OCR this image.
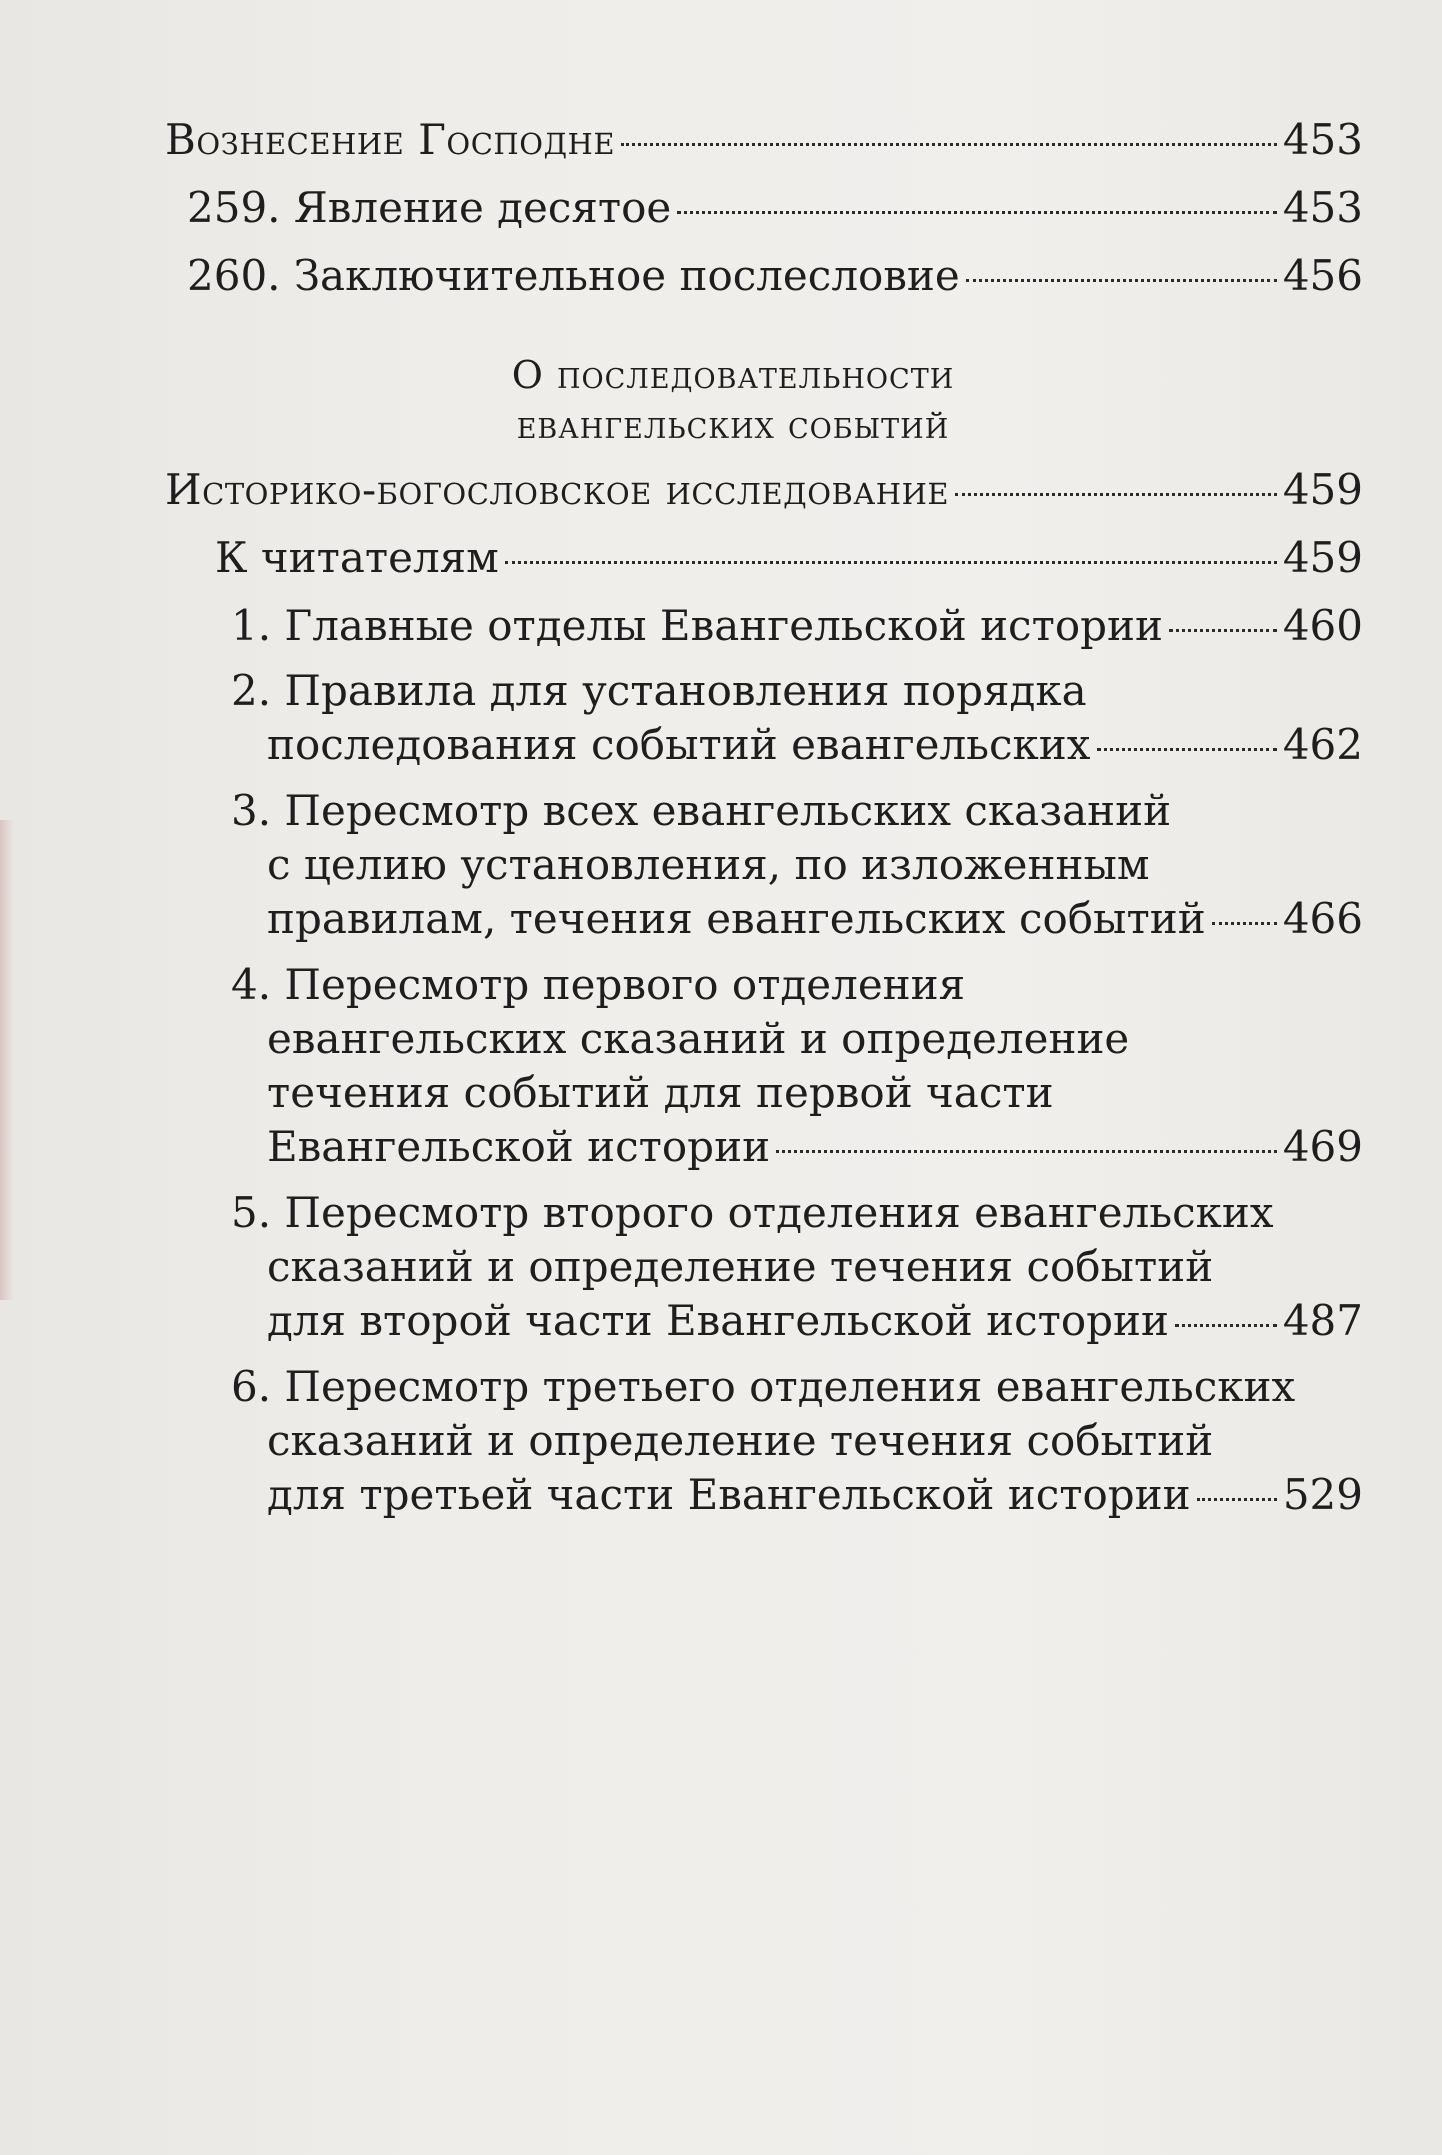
Вознесение Господне	453
259. Явление десятое	453
260. Заключительное послесловие	456
О последовательности
евангельских событий
Историко-богословское исследование	459
К читателям	459
1. Главные отделы Евангельской истории	460
2. Правила для установления порядка
последования событий евангельских	462
3. Пересмотр всех евангельских сказаний
с целию установления, по изложенным
правилам, течения евангельских событий 466
4. Пересмотр первого отделения
евангельских сказаний и определение
течения событий для первой части
Евангельской истории	469
5. Пересмотр второго отделения евангельских
сказаний и определение течения событий
для второй части Евангельской истории	487
6. Пересмотр третьего отделения евангельских
сказаний и определение течения событий
для третьей части Евангельской истории 529
